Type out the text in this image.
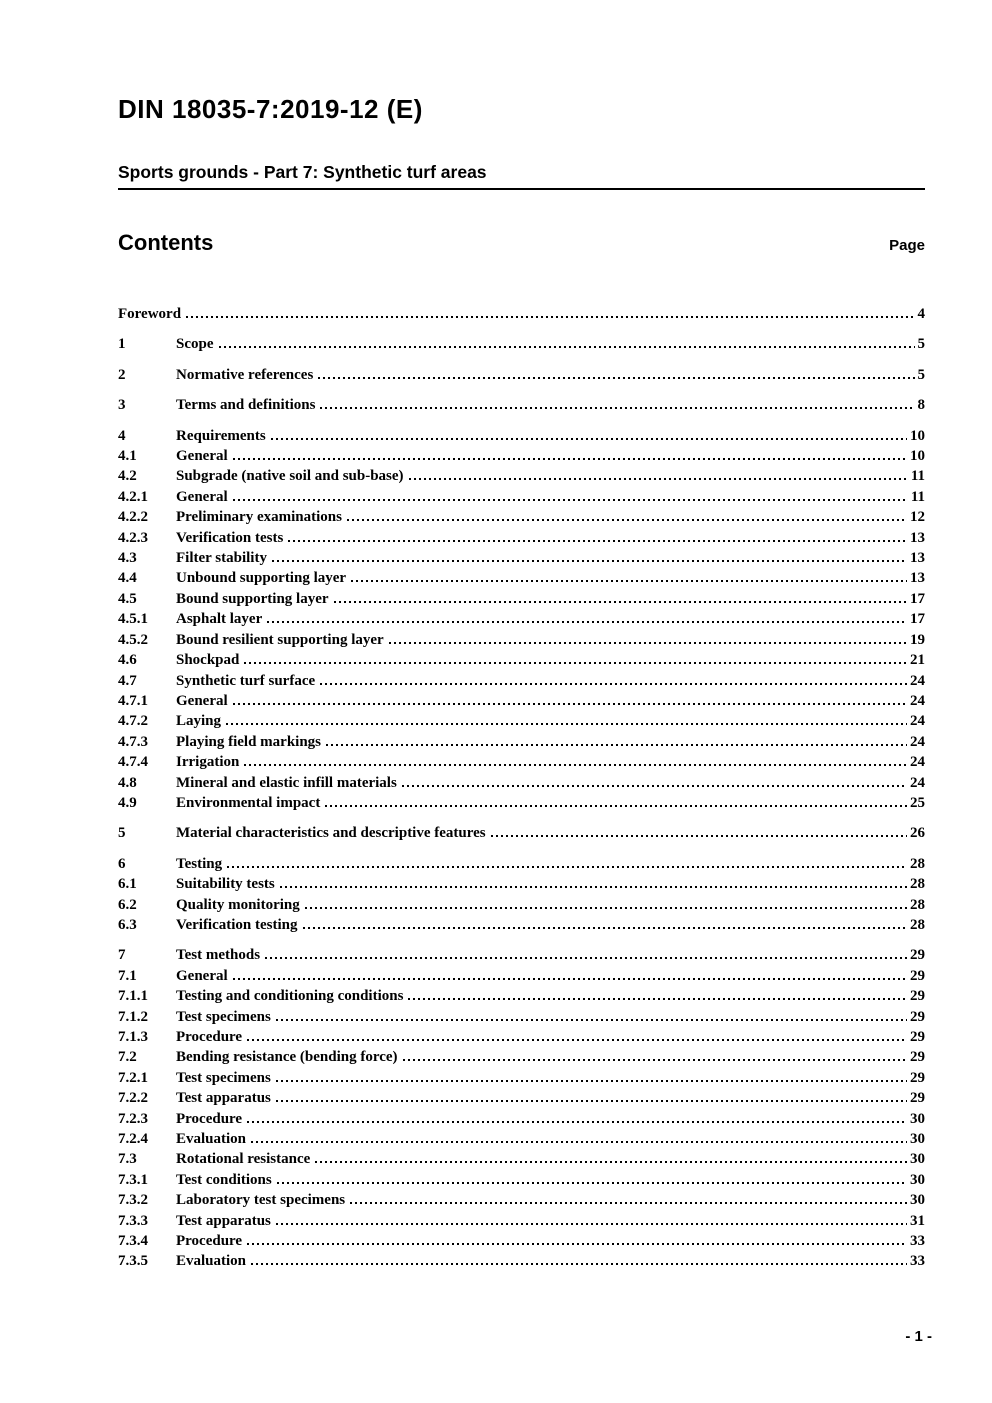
DIN 18035-7:2019-12 (E)
Sports grounds - Part 7: Synthetic turf areas
Contents	Page
Foreword	4
1	Scope	5
2	Normative references	5
3	Terms and definitions	8
4	Requirements	10
4.1	General	10
4.2	Subgrade (native soil and sub-base)	11
4.2.1	General	11
4.2.2	Preliminary examinations	12
4.2.3	Verification tests	13
4.3	Filter stability	13
4.4	Unbound supporting layer	13
4.5	Bound supporting layer	17
4.5.1	Asphalt layer	17
4.5.2	Bound resilient supporting layer	19
4.6	Shockpad	21
4.7	Synthetic turf surface	24
4.7.1	General	24
4.7.2	Laying	24
4.7.3	Playing field markings	24
4.7.4	Irrigation	24
4.8	Mineral and elastic infill materials	24
4.9	Environmental impact	25
5	Material characteristics and descriptive features	26
6	Testing	28
6.1	Suitability tests	28
6.2	Quality monitoring	28
6.3	Verification testing	28
7	Test methods	29
7.1	General	29
7.1.1	Testing and conditioning conditions	29
7.1.2	Test specimens	29
7.1.3	Procedure	29
7.2	Bending resistance (bending force)	29
7.2.1	Test specimens	29
7.2.2	Test apparatus	29
7.2.3	Procedure	30
7.2.4	Evaluation	30
7.3	Rotational resistance	30
7.3.1	Test conditions	30
7.3.2	Laboratory test specimens	30
7.3.3	Test apparatus	31
7.3.4	Procedure	33
7.3.5	Evaluation	33
- 1 -
